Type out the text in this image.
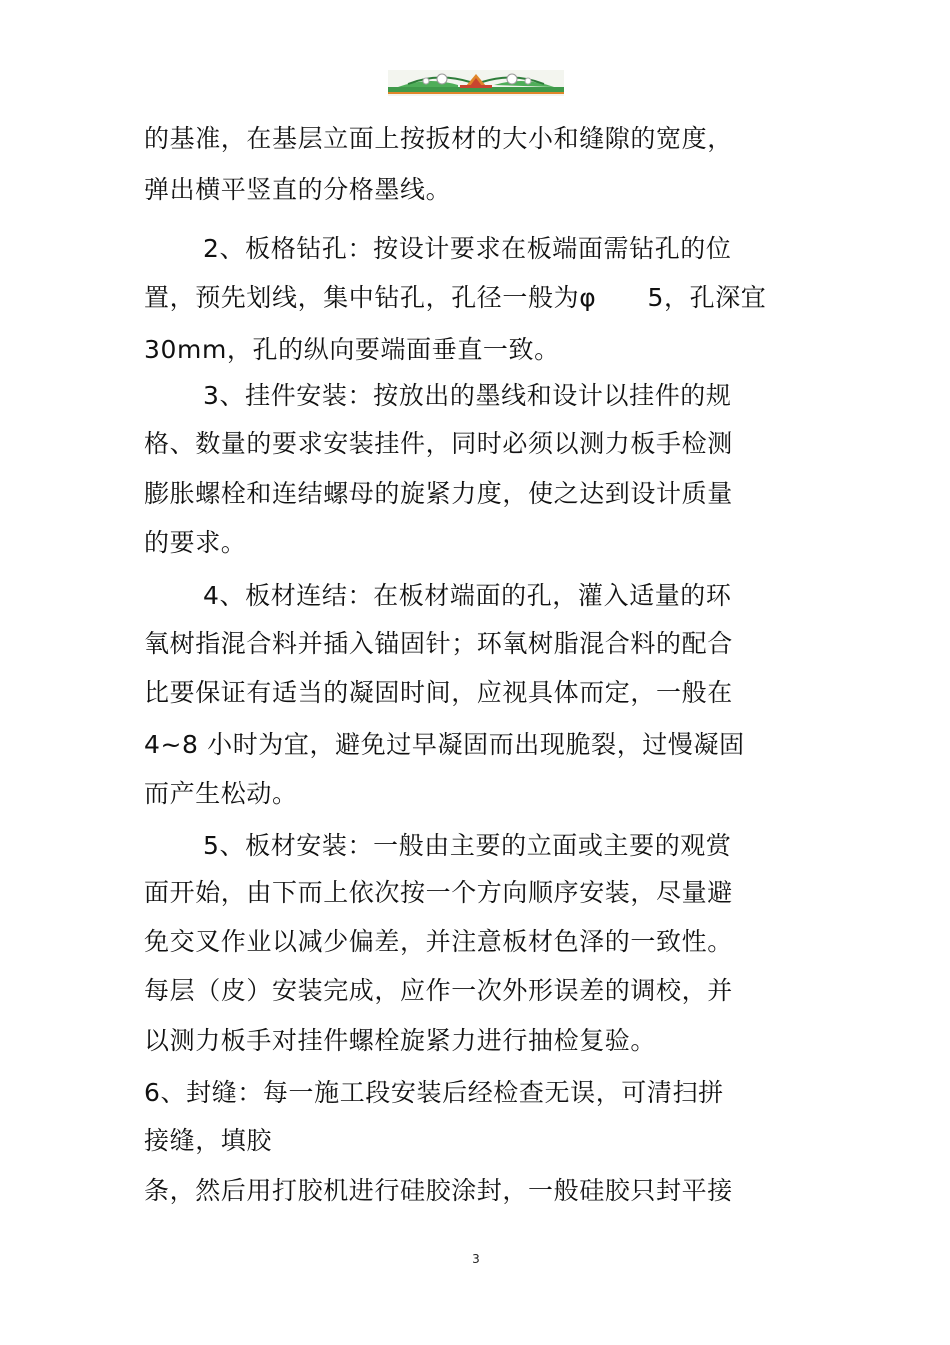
的基准，在基层立面上按扳材的大小和缝隙的宽度，
弹出横平竖直的分格墨线。
2、板格钻孔：按设计要求在板端面需钻孔的位
置，预先划线，集中钻孔，孔径一般为φ　　5，孔深宜
30mm，孔的纵向要端面垂直一致。
3、挂件安装：按放出的墨线和设计以挂件的规
格、数量的要求安装挂件，同时必须以测力板手检测
膨胀螺栓和连结螺母的旋紧力度，使之达到设计质量
的要求。
4、板材连结：在板材端面的孔，灌入适量的环
氧树指混合料并插入锚固针；环氧树脂混合料的配合
比要保证有适当的凝固时间，应视具体而定，一般在
4~8 小时为宜，避免过早凝固而出现脆裂，过慢凝固
而产生松动。
5、板材安装：一般由主要的立面或主要的观赏
面开始，由下而上依次按一个方向顺序安装，尽量避
免交叉作业以减少偏差，并注意板材色泽的一致性。
每层（皮）安装完成，应作一次外形误差的调校，并
以测力板手对挂件螺栓旋紧力进行抽检复验。
6、封缝：每一施工段安装后经检查无误，可清扫拼
接缝，填胶
条，然后用打胶机进行硅胶涂封，一般硅胶只封平接
3
